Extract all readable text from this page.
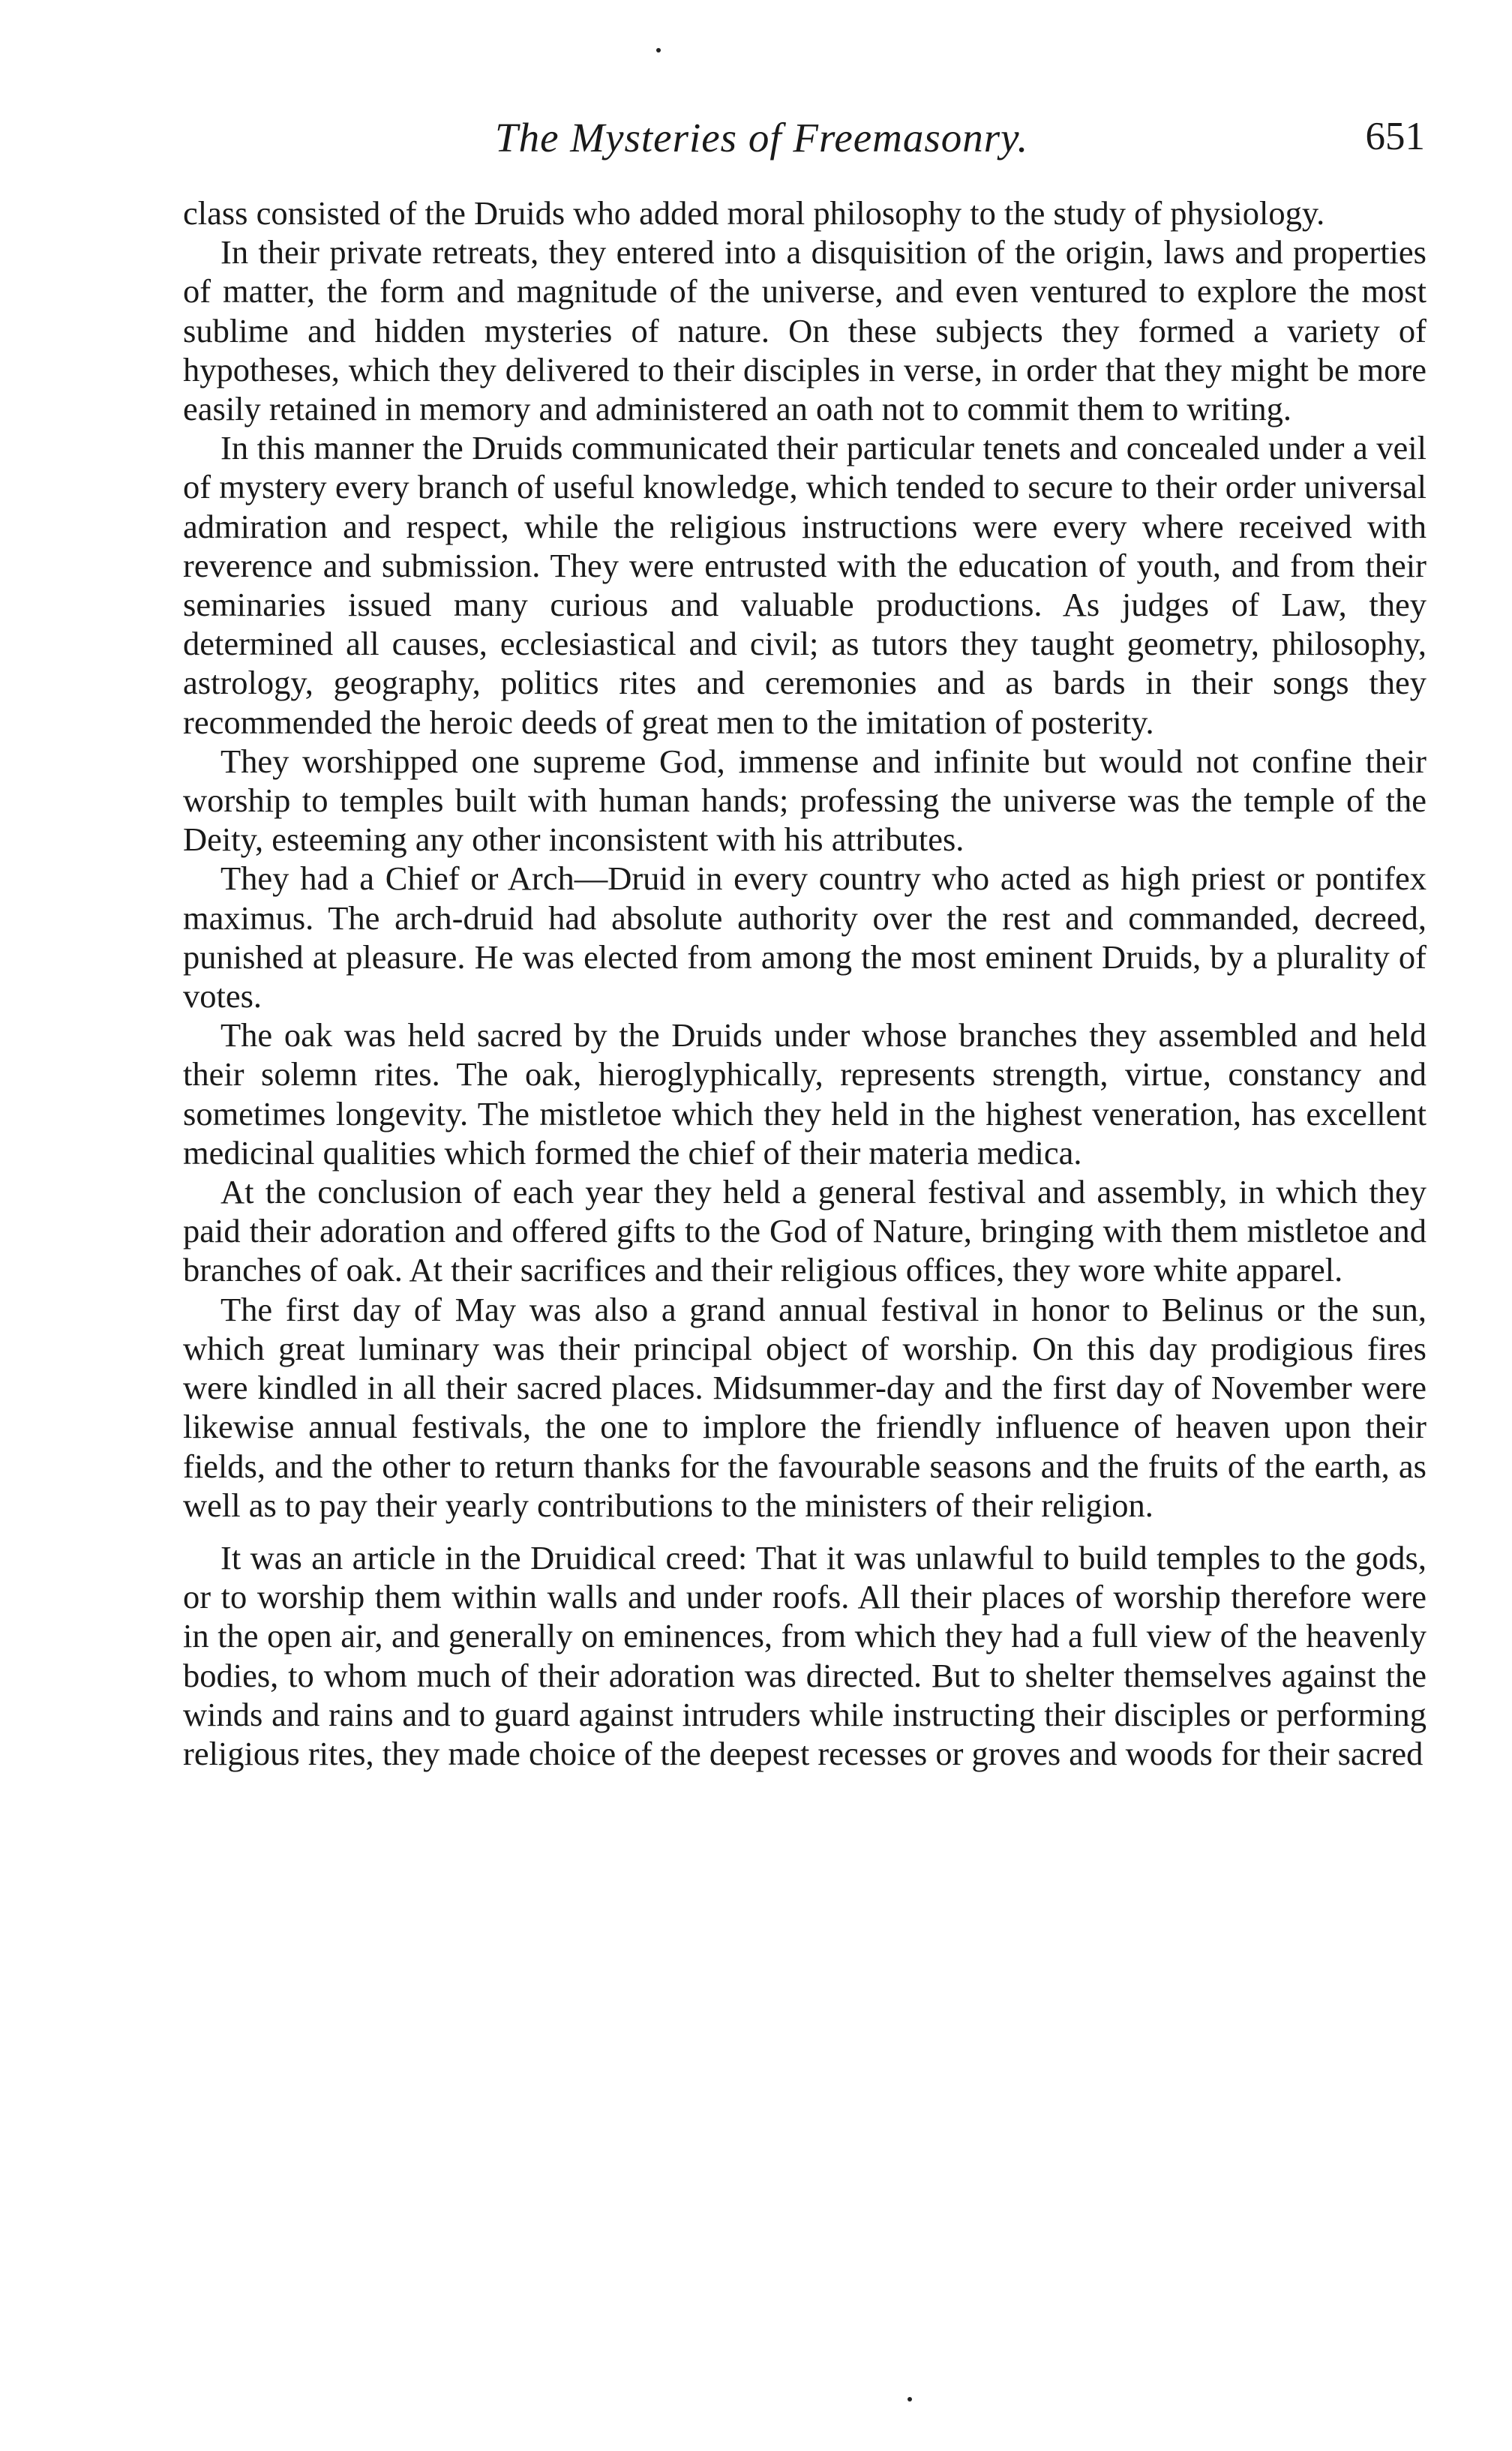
The Mysteries of Freemasonry.	651

class consisted of the Druids who added moral philosophy to the study of physiology.

In their private retreats, they entered into a disquisition of the origin, laws and properties of matter, the form and magnitude of the universe, and even ventured to explore the most sublime and hidden mysteries of nature. On these subjects they formed a variety of hypotheses, which they delivered to their disciples in verse, in order that they might be more easily retained in memory and administered an oath not to commit them to writing.

In this manner the Druids communicated their particular tenets and concealed under a veil of mystery every branch of useful knowledge, which tended to secure to their order universal admiration and respect, while the religious instructions were every where received with reverence and submission. They were entrusted with the education of youth, and from their seminaries issued many curious and valuable productions. As judges of Law, they determined all causes, ecclesiastical and civil; as tutors they taught geometry, philosophy, astrology, geography, politics rites and ceremonies and as bards in their songs they recommended the heroic deeds of great men to the imitation of posterity.

They worshipped one supreme God, immense and infinite but would not confine their worship to temples built with human hands; professing the universe was the temple of the Deity, esteeming any other inconsistent with his attributes.

They had a Chief or Arch—Druid in every country who acted as high priest or pontifex maximus. The arch-druid had absolute authority over the rest and commanded, decreed, punished at pleasure. He was elected from among the most eminent Druids, by a plurality of votes.

The oak was held sacred by the Druids under whose branches they assembled and held their solemn rites. The oak, hieroglyphically, represents strength, virtue, constancy and sometimes longevity. The mistletoe which they held in the highest veneration, has excellent medicinal qualities which formed the chief of their materia medica.

At the conclusion of each year they held a general festival and assembly, in which they paid their adoration and offered gifts to the God of Nature, bringing with them mistletoe and branches of oak. At their sacrifices and their religious offices, they wore white apparel.

The first day of May was also a grand annual festival in honor to Belinus or the sun, which great luminary was their principal object of worship. On this day prodigious fires were kindled in all their sacred places. Midsummer-day and the first day of November were likewise annual festivals, the one to implore the friendly influence of heaven upon their fields, and the other to return thanks for the favourable seasons and the fruits of the earth, as well as to pay their yearly contributions to the ministers of their religion.

It was an article in the Druidical creed: That it was unlawful to build temples to the gods, or to worship them within walls and under roofs. All their places of worship therefore were in the open air, and generally on eminences, from which they had a full view of the heavenly bodies, to whom much of their adoration was directed. But to shelter themselves against the winds and rains and to guard against intruders while instructing their disciples or performing religious rites, they made choice of the deepest recesses or groves and woods for their sacred
